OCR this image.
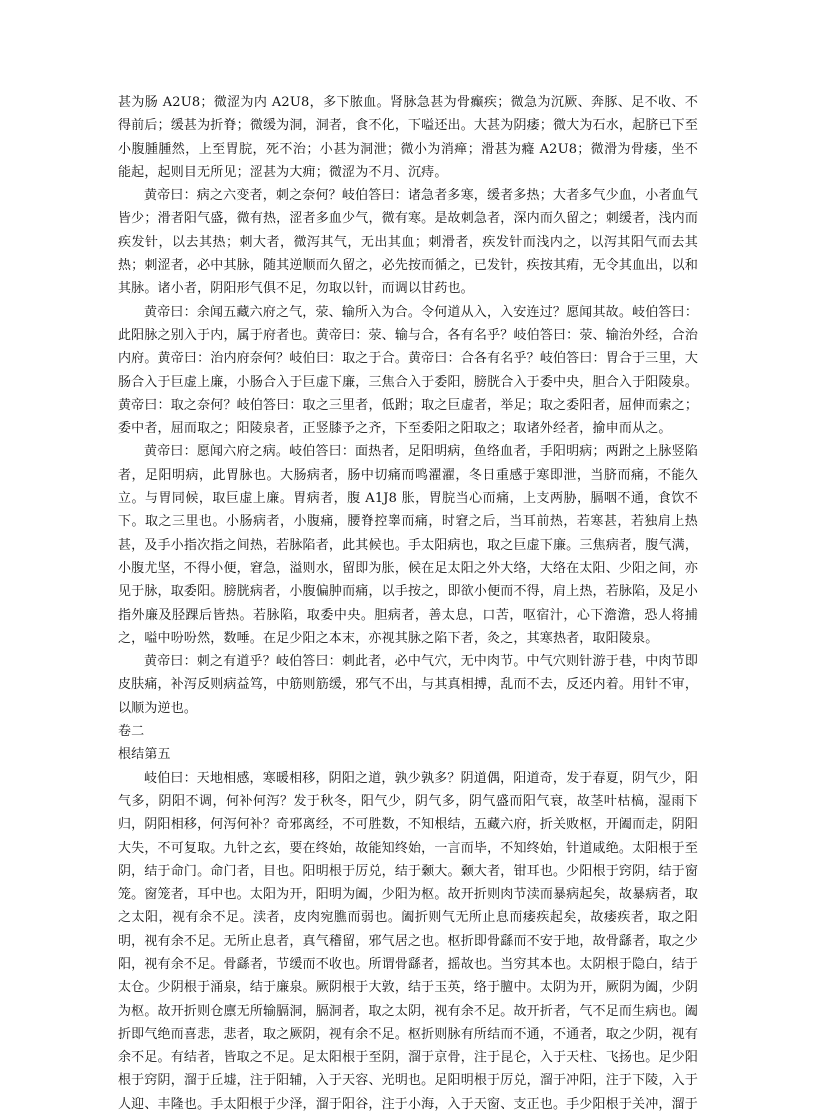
甚为肠 A2U8；微涩为内 A2U8，多下脓血。肾脉急甚为骨癫疾；微急为沉厥、奔豚、足不收、不得前后；缓甚为折脊；微缓为洞，洞者，食不化，下嗌还出。大甚为阴痿；微大为石水，起脐已下至小腹腫腫然，上至胃脘，死不治；小甚为洞泄；微小为消瘅；滑甚为癃 A2U8；微滑为骨痿，坐不能起，起则目无所见；涩甚为大痈；微涩为不月、沉痔。

黄帝曰：病之六变者，刺之奈何？岐伯答曰：诸急者多寒，缓者多热；大者多气少血，小者血气皆少；滑者阳气盛，微有热，涩者多血少气，微有寒。是故刺急者，深内而久留之；刺缓者，浅内而疾发针，以去其热；刺大者，微泻其气，无出其血；刺滑者，疾发针而浅内之，以泻其阳气而去其热；刺涩者，必中其脉，随其逆顺而久留之，必先按而循之，已发针，疾按其痏，无令其血出，以和其脉。诸小者，阴阳形气俱不足，勿取以针，而调以甘药也。

黄帝曰：余闻五藏六府之气，荥、输所入为合。令何道从入，入安连过？愿闻其故。岐伯答曰：此阳脉之别入于内，属于府者也。黄帝曰：荥、输与合，各有名乎？岐伯答曰：荥、输治外经，合治内府。黄帝曰：治内府奈何？岐伯曰：取之于合。黄帝曰：合各有名乎？岐伯答曰：胃合于三里，大肠合入于巨虚上廉，小肠合入于巨虚下廉，三焦合入于委阳，膀胱合入于委中央，胆合入于阳陵泉。黄帝曰：取之奈何？岐伯答曰：取之三里者，低跗；取之巨虚者，举足；取之委阳者，屈伸而索之；委中者，屈而取之；阳陵泉者，正竖膝予之齐，下至委阳之阳取之；取诸外经者，揄申而从之。

黄帝曰：愿闻六府之病。岐伯答曰：面热者，足阳明病，鱼络血者，手阳明病；两跗之上脉竖陷者，足阳明病，此胃脉也。大肠病者，肠中切痛而鸣濯濯，冬日重感于寒即泄，当脐而痛，不能久立。与胃同候，取巨虚上廉。胃病者，腹 A1J8 胀，胃脘当心而痛，上支两胁，膈咽不通，食饮不下。取之三里也。小肠病者，小腹痛，腰脊控睾而痛，时窘之后，当耳前热，若寒甚，若独肩上热甚，及手小指次指之间热，若脉陷者，此其候也。手太阳病也，取之巨虚下廉。三焦病者，腹气满，小腹尤坚，不得小便，窘急，溢则水，留即为胀，候在足太阳之外大络，大络在太阳、少阳之间，亦见于脉，取委阳。膀胱病者，小腹偏肿而痛，以手按之，即欲小便而不得，肩上热，若脉陷，及足小指外廉及胫踝后皆热。若脉陷，取委中央。胆病者，善太息，口苦，呕宿汁，心下澹澹，恐人将捕之，嗌中吩吩然，数唾。在足少阳之本末，亦视其脉之陷下者，灸之，其寒热者，取阳陵泉。

黄帝曰：刺之有道乎？岐伯答曰：刺此者，必中气穴，无中肉节。中气穴则针游于巷，中肉节即皮肤痛，补泻反则病益笃，中筋则筋缓，邪气不出，与其真相搏，乱而不去，反还内着。用针不审，以顺为逆也。

卷二

根结第五

岐伯曰：天地相感，寒暖相移，阴阳之道，孰少孰多？阴道偶，阳道奇，发于春夏，阴气少，阳气多，阴阳不调，何补何泻？发于秋冬，阳气少，阴气多，阴气盛而阳气衰，故茎叶枯槁，湿雨下归，阴阳相移，何泻何补？奇邪离经，不可胜数，不知根结，五藏六府，折关败枢，开阖而走，阴阳大失，不可复取。九针之玄，要在终始，故能知终始，一言而毕，不知终始，针道咸绝。太阳根于至阴，结于命门。命门者，目也。阳明根于厉兑，结于颡大。颡大者，钳耳也。少阳根于窍阴，结于窗笼。窗笼者，耳中也。太阳为开，阳明为阖，少阳为枢。故开折则肉节渎而暴病起矣，故暴病者，取之太阳，视有余不足。渎者，皮肉宛膲而弱也。阖折则气无所止息而痿疾起矣，故痿疾者，取之阳明，视有余不足。无所止息者，真气稽留，邪气居之也。枢折即骨繇而不安于地，故骨繇者，取之少阳，视有余不足。骨繇者，节缓而不收也。所谓骨繇者，摇故也。当穷其本也。太阴根于隐白，结于太仓。少阴根于涌泉，结于廉泉。厥阴根于大敦，结于玉英，络于膻中。太阴为开，厥阴为阖，少阴为枢。故开折则仓廪无所输膈洞，膈洞者，取之太阴，视有余不足。故开折者，气不足而生病也。阖折即气绝而喜悲，悲者，取之厥阴，视有余不足。枢折则脉有所结而不通，不通者，取之少阴，视有余不足。有结者，皆取之不足。足太阳根于至阴，溜于京骨，注于昆仑，入于天柱、飞扬也。足少阳根于窍阴，溜于丘墟，注于阳辅，入于天容、光明也。足阳明根于厉兑，溜于冲阳，注于下陵，入于人迎、丰隆也。手太阳根于少泽，溜于阳谷，注于小海，入于天窗、支正也。手少阳根于关冲，溜于
